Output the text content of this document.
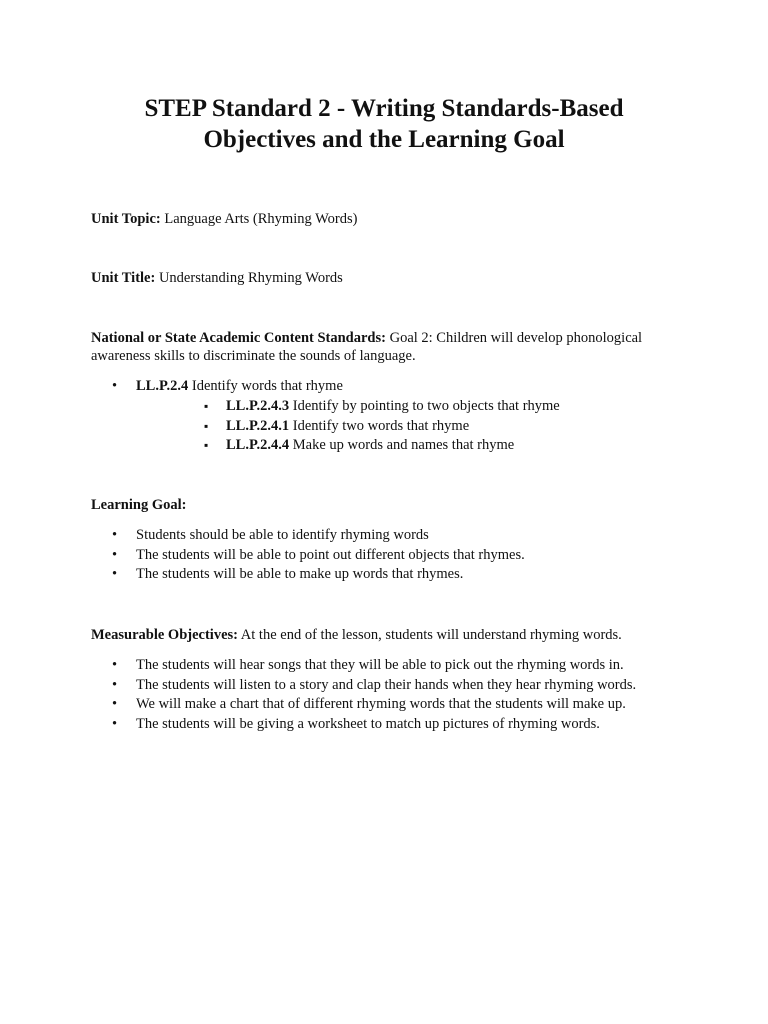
STEP Standard 2 - Writing Standards-Based
Objectives and the Learning Goal

Unit Topic: Language Arts (Rhyming Words)

Unit Title: Understanding Rhyming Words

National or State Academic Content Standards: Goal 2: Children will develop phonological
awareness skills to discriminate the sounds of language.

• LL.P.2.4 Identify words that rhyme
▪ LL.P.2.4.3 Identify by pointing to two objects that rhyme
▪ LL.P.2.4.1 Identify two words that rhyme
▪ LL.P.2.4.4 Make up words and names that rhyme

Learning Goal:

• Students should be able to identify rhyming words
• The students will be able to point out different objects that rhymes.
• The students will be able to make up words that rhymes.

Measurable Objectives: At the end of the lesson, students will understand rhyming words.

• The students will hear songs that they will be able to pick out the rhyming words in.
• The students will listen to a story and clap their hands when they hear rhyming words.
• We will make a chart that of different rhyming words that the students will make up.
• The students will be giving a worksheet to match up pictures of rhyming words.
